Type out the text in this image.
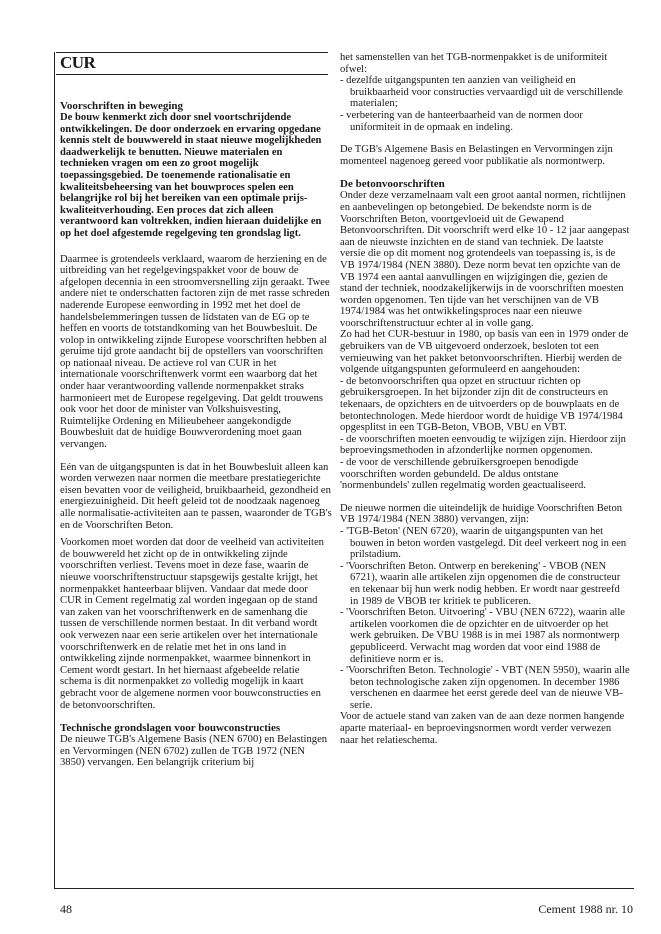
CUR
Voorschriften in beweging

De bouw kenmerkt zich door snel voortschrijdende ontwikkelingen. De door onderzoek en ervaring opgedane kennis stelt de bouwwereld in staat nieuwe mogelijkheden daadwerkelijk te benutten. Nieuwe materialen en technieken vragen om een zo groot mogelijk toepassingsgebied. De toenemende rationalisatie en kwaliteitsbeheersing van het bouwproces spelen een belangrijke rol bij het bereiken van een optimale prijs-kwaliteitverhouding. Een proces dat zich alleen verantwoord kan voltrekken, indien hieraan duidelijke en op het doel afgestemde regelgeving ten grondslag ligt.

Daarmee is grotendeels verklaard, waarom de herziening en de uitbreiding van het regelgevingspakket voor de bouw de afgelopen decennia in een stroomversnelling zijn geraakt. Twee andere niet te onderschatten factoren zijn de met rasse schreden naderende Europese eenwording in 1992 met het doel de handelsbelemmeringen tussen de lidstaten van de EG op te heffen en voorts de totstandkoming van het Bouwbesluit. De volop in ontwikkeling zijnde Europese voorschriften hebben al geruime tijd grote aandacht bij de opstellers van voorschriften op nationaal niveau. De actieve rol van CUR in het internationale voorschriftenwerk vormt een waarborg dat het onder haar verantwoording vallende normenpakket straks harmonieert met de Europese regelgeving. Dat geldt trouwens ook voor het door de minister van Volkshuisvesting, Ruimtelijke Ordening en Milieubeheer aangekondigde Bouwbesluit dat de huidige Bouwverordening moet gaan vervangen.

Eén van de uitgangspunten is dat in het Bouwbesluit alleen kan worden verwezen naar normen die meetbare prestatiegerichte eisen bevatten voor de veiligheid, bruikbaarheid, gezondheid en energiezuinigheid. Dit heeft geleid tot de noodzaak nagenoeg alle normalisatie-activiteiten aan te passen, waaronder de TGB's en de Voorschriften Beton.

Voorkomen moet worden dat door de veelheid van activiteiten de bouwwereld het zicht op de in ontwikkeling zijnde voorschriften verliest. Tevens moet in deze fase, waarin de nieuwe voorschriftenstructuur stapsgewijs gestalte krijgt, het normenpakket hanteerbaar blijven. Vandaar dat mede door CUR in Cement regelmatig zal worden ingegaan op de stand van zaken van het voorschriftenwerk en de samenhang die tussen de verschillende normen bestaat. In dit verband wordt ook verwezen naar een serie artikelen over het internationale voorschriftenwerk en de relatie met het in ons land in ontwikkeling zijnde normenpakket, waarmee binnenkort in Cement wordt gestart. In het hiernaast afgebeelde relatie schema is dit normenpakket zo volledig mogelijk in kaart gebracht voor de algemene normen voor bouwconstructies en de betonvoorschriften.

Technische grondslagen voor bouwconstructies

De nieuwe TGB's Algemene Basis (NEN 6700) en Belastingen en Vervormingen (NEN 6702) zullen de TGB 1972 (NEN 3850) vervangen. Een belangrijk criterium bij

het samenstellen van het TGB-normenpakket is de uniformiteit ofwel:

- dezelfde uitgangspunten ten aanzien van veiligheid en bruikbaarheid voor constructies vervaardigd uit de verschillende materialen;

- verbetering van de hanteerbaarheid van de normen door uniformiteit in de opmaak en indeling.

De TGB's Algemene Basis en Belastingen en Vervormingen zijn momenteel nagenoeg gereed voor publikatie als normontwerp.

De betonvoorschriften

Onder deze verzamelnaam valt een groot aantal normen, richtlijnen en aanbevelingen op betongebied. De bekendste norm is de Voorschriften Beton, voortgevloeid uit de Gewapend Betonvoorschriften. Dit voorschrift werd elke 10 - 12 jaar aangepast aan de nieuwste inzichten en de stand van techniek. De laatste versie die op dit moment nog grotendeels van toepassing is, is de VB 1974/1984 (NEN 3880). Deze norm bevat ten opzichte van de VB 1974 een aantal aanvullingen en wijzigingen die, gezien de stand der techniek, noodzakelijkerwijs in de voorschriften moesten worden opgenomen. Ten tijde van het verschijnen van de VB 1974/1984 was het ontwikkelingsproces naar een nieuwe voorschriftenstructuur echter al in volle gang.

Zo had het CUR-bestuur in 1980, op basis van een in 1979 onder de gebruikers van de VB uitgevoerd onderzoek, besloten tot een vernieuwing van het pakket betonvoorschriften. Hierbij werden de volgende uitgangspunten geformuleerd en aangehouden:

- de betonvoorschriften qua opzet en structuur richten op gebruikersgroepen. In het bijzonder zijn dit de constructeurs en tekenaars, de opzichters en de uitvoerders op de bouwplaats en de betontechnologen. Mede hierdoor wordt de huidige VB 1974/1984 opgesplitst in een TGB-Beton, VBOB, VBU en VBT.

- de voorschriften moeten eenvoudig te wijzigen zijn. Hierdoor zijn beproevingsmethoden in afzonderlijke normen opgenomen.

- de voor de verschillende gebruikersgroepen benodigde voorschriften worden gebundeld. De aldus ontstane 'normenbundels' zullen regelmatig worden geactualiseerd.

De nieuwe normen die uiteindelijk de huidige Voorschriften Beton VB 1974/1984 (NEN 3880) vervangen, zijn:

- 'TGB-Beton' (NEN 6720), waarin de uitgangspunten van het bouwen in beton worden vastgelegd. Dit deel verkeert nog in een prilstadium.

- 'Voorschriften Beton. Ontwerp en berekening' - VBOB (NEN 6721), waarin alle artikelen zijn opgenomen die de constructeur en tekenaar bij hun werk nodig hebben. Er wordt naar gestreefd in 1989 de VBOB ter kritiek te publiceren.

- 'Voorschriften Beton. Uitvoering' - VBU (NEN 6722), waarin alle artikelen voorkomen die de opzichter en de uitvoerder op het werk gebruiken. De VBU 1988 is in mei 1987 als normontwerp gepubliceerd. Verwacht mag worden dat voor eind 1988 de definitieve norm er is.

- 'Voorschriften Beton. Technologie' - VBT (NEN 5950), waarin alle beton technologische zaken zijn opgenomen. In december 1986 verschenen en daarmee het eerst gerede deel van de nieuwe VB-serie.

Voor de actuele stand van zaken van de aan deze normen hangende aparte materiaal- en beproevingsnormen wordt verder verwezen naar het relatieschema.

48	Cement 1988 nr. 10
